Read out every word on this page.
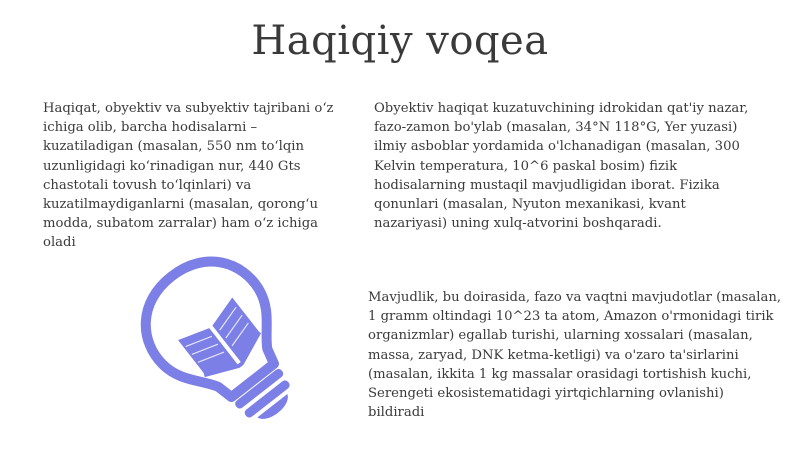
Haqiqiy voqea

Haqiqat, obyektiv va subyektiv tajribani o‘z ichiga olib, barcha hodisalarni – kuzatiladigan (masalan, 550 nm to‘lqin uzunligidagi ko‘rinadigan nur, 440 Gts chastotali tovush to‘lqinlari) va kuzatilmaydiganlarni (masalan, qorong‘u modda, subatom zarralar) ham o‘z ichiga oladi

Obyektiv haqiqat kuzatuvchining idrokidan qat'iy nazar, fazo-zamon bo'ylab (masalan, 34°N 118°G, Yer yuzasi) ilmiy asboblar yordamida o'lchanadigan (masalan, 300 Kelvin temperatura, 10^6 paskal bosim) fizik hodisalarning mustaqil mavjudligidan iborat. Fizika qonunlari (masalan, Nyuton mexanikasi, kvant nazariyasi) uning xulq-atvorini boshqaradi.

Mavjudlik, bu doirasida, fazo va vaqtni mavjudotlar (masalan, 1 gramm oltindagi 10^23 ta atom, Amazon o'rmonidagi tirik organizmlar) egallab turishi, ularning xossalari (masalan, massa, zaryad, DNK ketma-ketligi) va o'zaro ta'sirlarini (masalan, ikkita 1 kg massalar orasidagi tortishish kuchi, Serengeti ekosistematidagi yirtqichlarning ovlanishi) bildiradi
